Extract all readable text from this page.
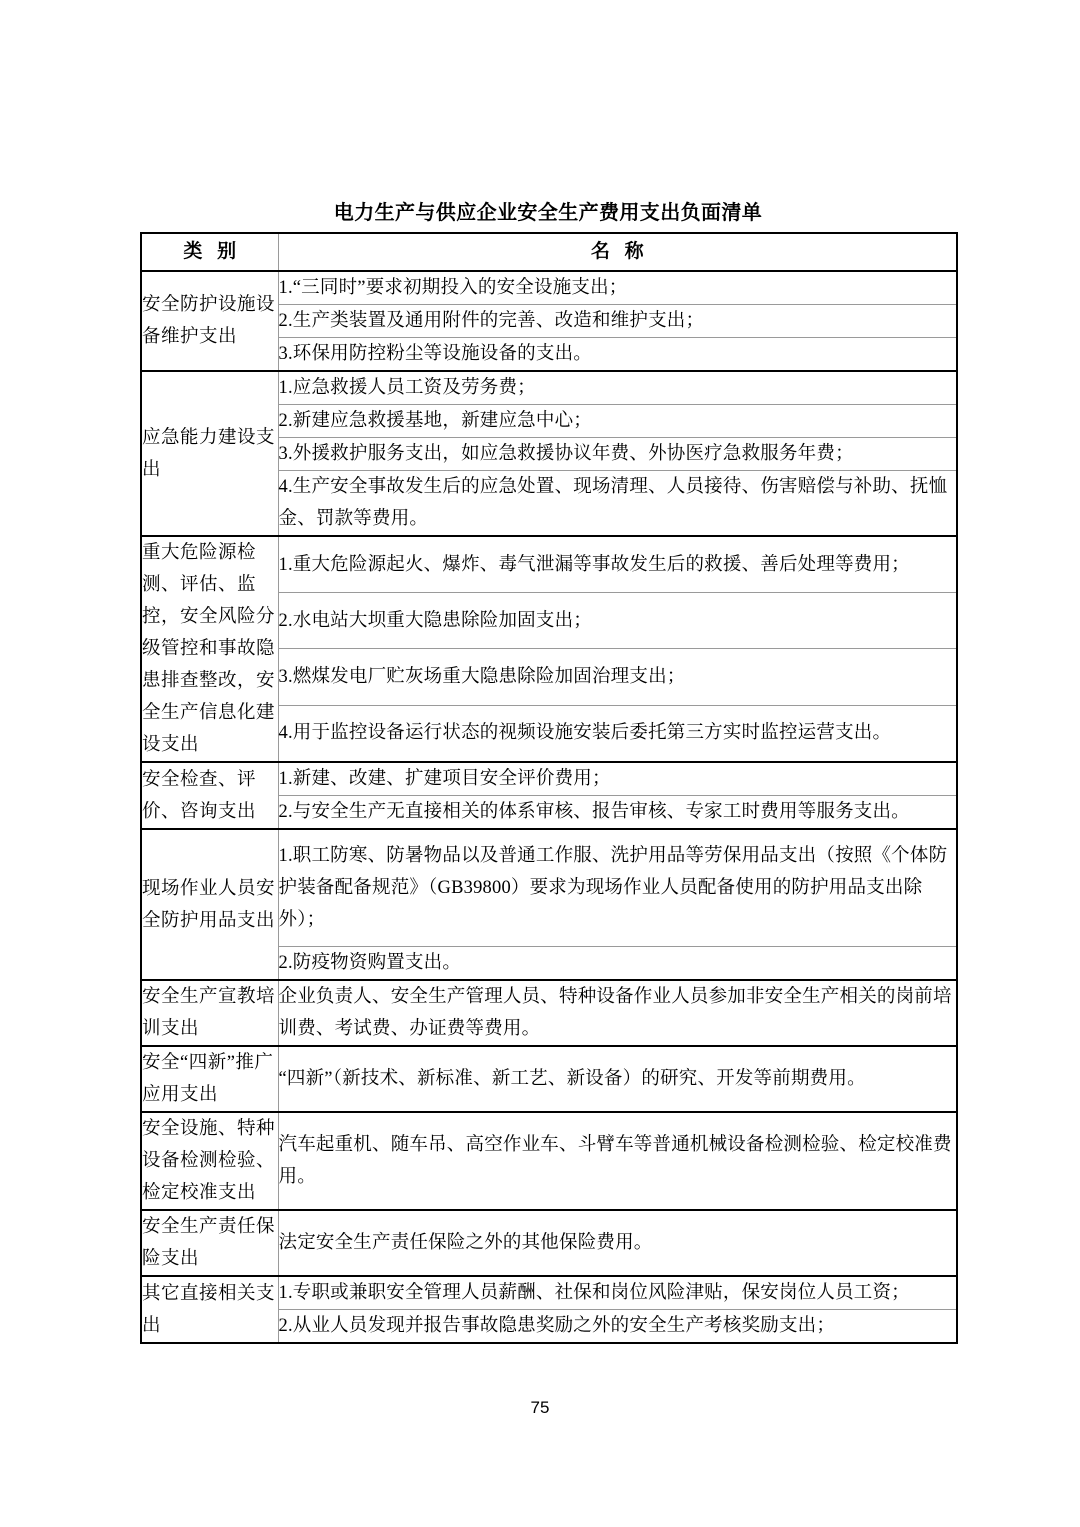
电力生产与供应企业安全生产费用支出负面清单
类 别	名 称
安全防护设施设备维护支出	1.“三同时”要求初期投入的安全设施支出；
	2.生产类装置及通用附件的完善、改造和维护支出；
	3.环保用防控粉尘等设施设备的支出。
应急能力建设支出	1.应急救援人员工资及劳务费；
	2.新建应急救援基地，新建应急中心；
	3.外援救护服务支出，如应急救援协议年费、外协医疗急救服务年费；
	4.生产安全事故发生后的应急处置、现场清理、人员接待、伤害赔偿与补助、抚恤金、罚款等费用。
重大危险源检测、评估、监控，安全风险分级管控和事故隐患排查整改，安全生产信息化建设支出	1.重大危险源起火、爆炸、毒气泄漏等事故发生后的救援、善后处理等费用；
	2.水电站大坝重大隐患除险加固支出；
	3.燃煤发电厂贮灰场重大隐患除险加固治理支出；
	4.用于监控设备运行状态的视频设施安装后委托第三方实时监控运营支出。
安全检查、评价、咨询支出	1.新建、改建、扩建项目安全评价费用；
	2.与安全生产无直接相关的体系审核、报告审核、专家工时费用等服务支出。
现场作业人员安全防护用品支出	1.职工防寒、防暑物品以及普通工作服、洗护用品等劳保用品支出（按照《个体防护装备配备规范》（GB39800）要求为现场作业人员配备使用的防护用品支出除外）；
	2.防疫物资购置支出。
安全生产宣教培训支出	企业负责人、安全生产管理人员、特种设备作业人员参加非安全生产相关的岗前培训费、考试费、办证费等费用。
安全“四新”推广应用支出	“四新”（新技术、新标准、新工艺、新设备）的研究、开发等前期费用。
安全设施、特种设备检测检验、检定校准支出	汽车起重机、随车吊、高空作业车、斗臂车等普通机械设备检测检验、检定校准费用。
安全生产责任保险支出	法定安全生产责任保险之外的其他保险费用。
其它直接相关支出	1.专职或兼职安全管理人员薪酬、社保和岗位风险津贴，保安岗位人员工资；
	2.从业人员发现并报告事故隐患奖励之外的安全生产考核奖励支出；
75
